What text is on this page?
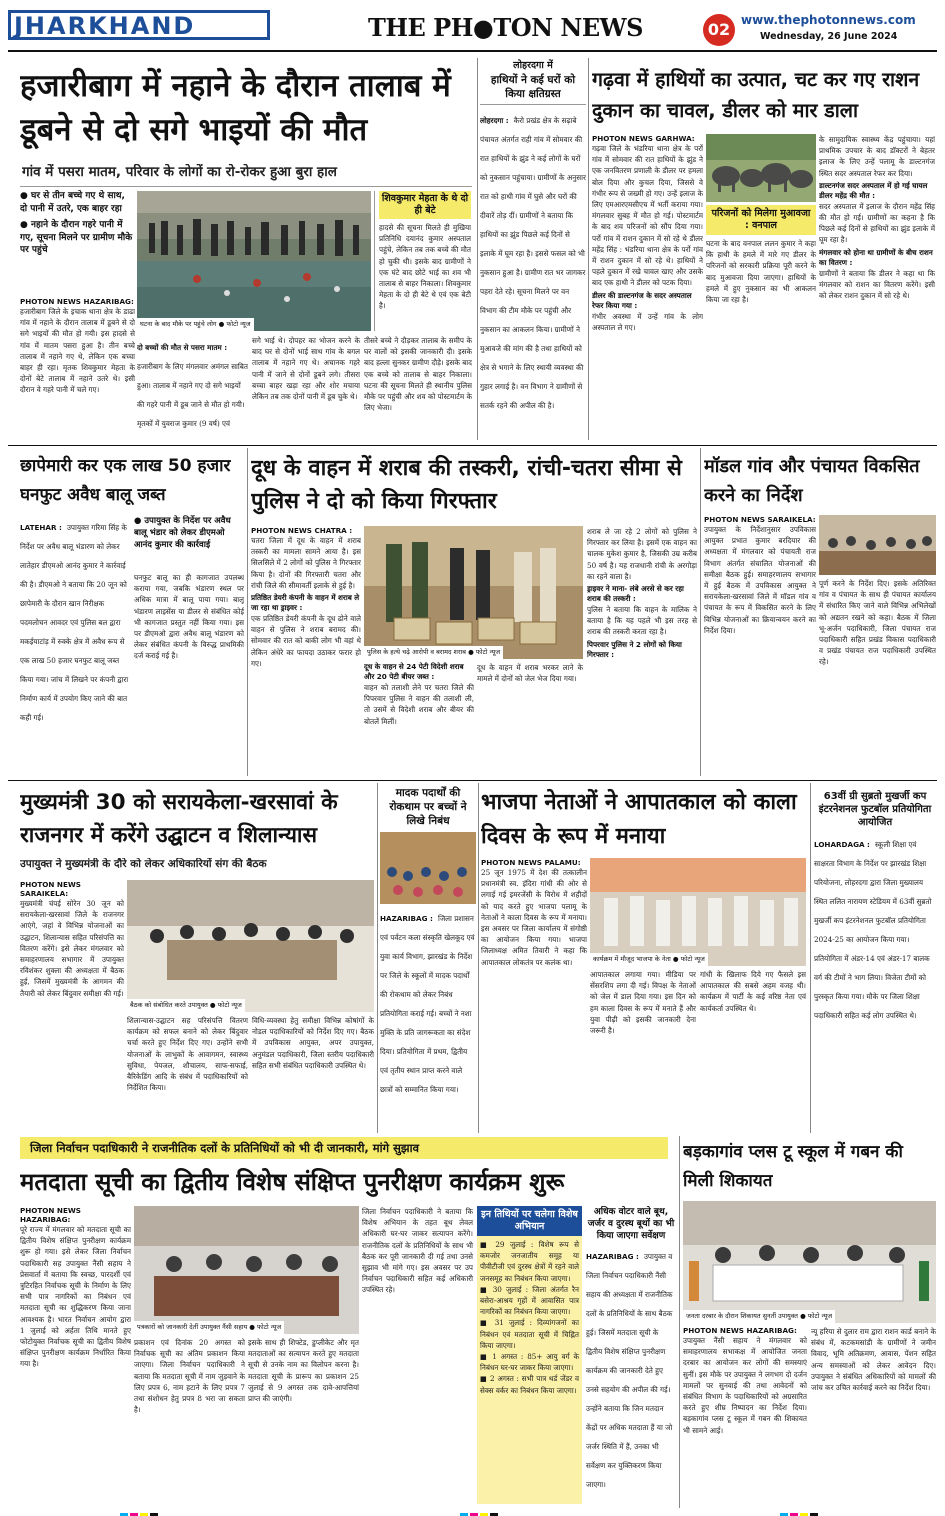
JHARKHAND	THE PH●TON NEWS	02 www.thephotonnews.com
Wednesday, 26 June 2024
हजारीबाग में नहाने के दौरान तालाब में डूबने से दो सगे भाइयों की मौत
गांव में पसरा मातम, परिवार के लोगों का रो-रोकर हुआ बुरा हाल
● घर से तीन बच्चे गए थे साथ, दो पानी में उतरे, एक बाहर रहा
● नहाने के दौरान गहरे पानी में गए, सूचना मिलने पर ग्रामीण मौके पर पहुंचे
घटना के बाद मौके पर पहुंचे लोग ● फोटो न्यूज
शिवकुमार मेहता के थे दो ही बेटे
हादसे की सूचना मिलते ही मुखिया प्रतिनिधि दयानंद कुमार अस्पताल पहुंचे, लेकिन तब तक बच्चे की मौत हो चुकी थी। इसके बाद ग्रामीणों ने एक घंटे बाद छोटे भाई का शव भी तालाब से बाहर निकाला। शिवकुमार मेहता के दो ही बेटे थे एवं एक बेटी है।
PHOTON NEWS HAZARIBAG:
हजारीबाग जिले के इचाक थाना क्षेत्र के डाढा गांव में नहाने के दौरान तालाब में डूबने से दो सगे भाइयों की मौत हो गयी। इस हादसे से गांव में मातम पसरा हुआ है। तीन बच्चे तालाब में नहाने गए थे, लेकिन एक बच्चा बाहर ही रहा। मृतक शिवकुमार मेहता के दोनों बेटे तालाब में नहाने उतरे थे। इसी दौरान वे गहरे पानी में चले गए।
दो बच्चों की मौत से पसरा मातम : हजारीबाग के लिए मंगलवार अमंगल साबित हुआ। तालाब में नहाने गए दो सगे भाइयों की गहरे पानी में डूब जाने से मौत हो गयी। मृतकों में युवराज कुमार (9 वर्ष) एवं
सगे भाई थे। दोपहर का भोजन करने के बाद घर से दोनों भाई साथ गांव के बगल तालाब में नहाने गए थे। अचानक गहरे पानी में जाने से दोनों डूबने लगे। तीसरा बच्चा बाहर खड़ा रहा और शोर मचाया लेकिन तब तक दोनों पानी में डूब चुके थे।
तीसरे बच्चे ने दौड़कर तालाब के समीप के घर वालों को इसकी जानकारी दी। इसके बाद हल्ला सुनकर ग्रामीण दौड़े। इसके बाद एक बच्चे को तालाब से बाहर निकाला। घटना की सूचना मिलते ही स्थानीय पुलिस मौके पर पहुंची और शव को पोस्टमार्टम के लिए भेजा।
लोहरदगा में
हाथियों ने कई घरों को किया क्षतिग्रस्त
लोहरदगा : कैरो प्रखंड क्षेत्र के सढ़ाबे पंचायत अंतर्गत राही गांव में सोमवार की रात हाथियों के झुंड ने कई लोगों के घरों को नुकसान पहुंचाया। ग्रामीणों के अनुसार रात को हाथी गांव में घुसे और घरों की दीवारें तोड़ दीं। ग्रामीणों ने बताया कि हाथियों का झुंड पिछले कई दिनों से इलाके में घूम रहा है। इससे फसल को भी नुकसान हुआ है। ग्रामीण रात भर जागकर पहरा देते रहे। सूचना मिलने पर वन विभाग की टीम मौके पर पहुंची और नुकसान का आकलन किया। ग्रामीणों ने मुआवजे की मांग की है तथा हाथियों को क्षेत्र से भगाने के लिए स्थायी व्यवस्था की गुहार लगाई है। वन विभाग ने ग्रामीणों से सतर्क रहने की अपील की है।
गढ़वा में हाथियों का उत्पात, चट कर गए राशन दुकान का चावल, डीलर को मार डाला
PHOTON NEWS GARHWA:
गढ़वा जिले के भंडरिया थाना क्षेत्र के पर्रो गांव में सोमवार की रात हाथियों के झुंड ने एक जनवितरण प्रणाली के डीलर पर हमला बोल दिया और कुचल दिया, जिससे वे गंभीर रूप से जख्मी हो गए। उन्हें इलाज के लिए एमआरएमसीएच में भर्ती कराया गया। मंगलवार सुबह में मौत हो गई। पोस्टमार्टम के बाद शव परिजनों को सौंप दिया गया। पर्रो गांव में राशन दुकान में सो रहे थे डीलर महेंद्र सिंह : भंडरिया थाना क्षेत्र के पर्रो गांव में राशन दुकान में सो रहे थे। हाथियों ने पहले दुकान में रखे चावल खाए और उसके बाद एक हाथी ने डीलर को पटक दिया।
डीलर की डाल्टनगंज के सदर अस्पताल रेफर किया गया :
गंभीर अवस्था में उन्हें गांव के लोग अस्पताल ले गए।
परिजनों को मिलेगा मुआवजा : वनपाल
घटना के बाद वनपाल ललन कुमार ने कहा कि हाथी के हमले में मारे गए डीलर के परिजनों को सरकारी प्रक्रिया पूरी करने के बाद मुआवजा दिया जाएगा। हाथियों के हमले में हुए नुकसान का भी आकलन किया जा रहा है।
के सामुदायिक स्वास्थ्य केंद्र पहुंचाया। यहां प्राथमिक उपचार के बाद डॉक्टरों ने बेहतर इलाज के लिए उन्हें पलामू के डाल्टनगंज स्थित सदर अस्पताल रेफर कर दिया।
डाल्टनगंज सदर अस्पताल में हो गई घायल डीलर महेंद्र की मौत :
सदर अस्पताल में इलाज के दौरान महेंद्र सिंह की मौत हो गई। ग्रामीणों का कहना है कि पिछले कई दिनों से हाथियों का झुंड इलाके में घूम रहा है।
मंगलवार को होना था ग्रामीणों के बीच राशन का वितरण :
ग्रामीणों ने बताया कि डीलर ने कहा था कि मंगलवार को राशन का वितरण करेंगे। इसी को लेकर राशन दुकान में सो रहे थे।
छापेमारी कर एक लाख 50 हजार घनफुट अवैध बालू जब्त
LATEHAR : उपायुक्त गरिमा सिंह के निर्देश पर अवैध बालू भंडारण को लेकर लातेहार डीएमओ आनंद कुमार ने कार्रवाई की है। डीएमओ ने बताया कि 20 जून को छापेमारी के दौरान खान निरीक्षक पदमलोचन आवदर एवं पुलिस बल द्वारा मकईयाटांड़ में रुक्के क्षेत्र में अवैध रूप से एक लाख 50 हजार घनफुट बालू जब्त किया गया। जांच में लिखने पर कंपनी द्वारा निर्माण कार्य में उपयोग किए जाने की बात कही गई।
● उपायुक्त के निर्देश पर अवैध बालू भंडार को लेकर डीएमओ आनंद कुमार की कार्रवाई
घनफुट बालू का ही कागजात उपलब्ध कराया गया, जबकि भंडारण स्थल पर अधिक मात्रा में बालू पाया गया। बालू भंडारण लाइसेंस या डीलर से संबंधित कोई भी कागजात प्रस्तुत नहीं किया गया। इस पर डीएमओ द्वारा अवैध बालू भंडारण को लेकर संबंधित कंपनी के विरुद्ध प्राथमिकी दर्ज कराई गई है।
दूध के वाहन में शराब की तस्करी, रांची-चतरा सीमा से पुलिस ने दो को किया गिरफ्तार
PHOTON NEWS CHATRA :
चतरा जिला में दूध के वाहन में शराब तस्करी का मामला सामने आया है। इस सिलसिले में 2 लोगों को पुलिस ने गिरफ्तार किया है। दोनों की गिरफ्तारी चतरा और रांची जिले की सीमावर्ती इलाके से हुई है।
प्रतिष्ठित डेयरी कंपनी के वाहन में शराब ले जा रहा था ड्राइवर :
एक प्रतिष्ठित डेयरी कंपनी के दूध ढोने वाले वाहन से पुलिस ने शराब बरामद की। सोमवार की रात को बाकी लोग भी वहां थे लेकिन अंधेरे का फायदा उठाकर फरार हो गए।
पुलिस के हत्थे चढ़े आरोपी व बरामद शराब ● फोटो न्यूज
दूध के वाहन से 24 पेटी विदेशी शराब और 20 पेटी बीयर जब्त :
वाहन को तलाशी लेने पर चतरा जिले की पिपरवार पुलिस ने वाहन की तलाशी ली, तो उसमें से विदेशी शराब और बीयर की बोतलें मिलीं।
दूध के वाहन में शराब भरकर लाने के मामले में दोनों को जेल भेज दिया गया।
शराब ले जा रहे 2 लोगों को पुलिस ने गिरफ्तार कर लिया है। इसमें एक वाहन का चालक मुकेश कुमार है, जिसकी उम्र करीब 50 वर्ष है। यह राजधानी रांची के अरगोड़ा का रहने वाला है।
ड्राइवर ने माना- लंबे अरसे से कर रहा शराब की तस्करी :
पुलिस ने बताया कि वाहन के मालिक ने बताया है कि यह पहले भी इस तरह से शराब की तस्करी करता रहा है।
पिपरवार पुलिस ने 2 लोगों को किया गिरफ्तार :
मॉडल गांव और पंचायत विकसित करने का निर्देश
PHOTON NEWS SARAIKELA:
उपायुक्त के निर्देशानुसार उपविकास आयुक्त प्रभात कुमार बरदियार की अध्यक्षता में मंगलवार को पंचायती राज विभाग अंतर्गत संचालित योजनाओं की समीक्षा बैठक हुई। समाहरणालय सभागार में हुई बैठक में उपविकास आयुक्त ने सरायकेला-खरसावां जिले में मॉडल गांव व पंचायत के रूप में विकसित करने के लिए विभिन्न योजनाओं का क्रियान्वयन करने का निर्देश दिया।
पूर्ण करने के निर्देश दिए। इसके अतिरिक्त गांव व पंचायत के साथ ही पंचायत कार्यालय में संधारित किए जाने वाले विभिन्न अभिलेखों को अद्यतन रखने को कहा। बैठक में जिला भू-अर्जन पदाधिकारी, जिला पंचायत राज पदाधिकारी सहित प्रखंड विकास पदाधिकारी व प्रखंड पंचायत राज पदाधिकारी उपस्थित रहे।
मुख्यमंत्री 30 को सरायकेला-खरसावां के राजनगर में करेंगे उद्घाटन व शिलान्यास
उपायुक्त ने मुख्यमंत्री के दौरे को लेकर अधिकारियों संग की बैठक
PHOTON NEWS SARAIKELA:
मुख्यमंत्री चंपई सोरेन 30 जून को सरायकेला-खरसावां जिले के राजनगर आएंगे, जहां वे विभिन्न योजनाओं का उद्घाटन, शिलान्यास सहित परिसंपत्ति का वितरण करेंगे। इसे लेकर मंगलवार को समाहरणालय सभागार में उपायुक्त रविशंकर शुक्ला की अध्यक्षता में बैठक हुई, जिसमें मुख्यमंत्री के आगमन की तैयारी को लेकर बिंदुवार समीक्षा की गई।
बैठक को संबोधित करते उपायुक्त ● फोटो न्यूज
शिलान्यास-उद्घाटन सह परिसंपत्ति वितरण कार्यक्रम को सफल बनाने को लेकर बिंदुवार चर्चा करते हुए निर्देश दिए गए। उन्होंने सभी योजनाओं के लाभुकों के आवागमन, स्वास्थ्य सुविधा, पेयजल, शौचालय, साफ-सफाई, बैरिकेडिंग आदि के संबंध में पदाधिकारियों को निर्देशित किया।
विधि-व्यवस्था हेतु समीक्षा विभिन्न कोषांगों के नोडल पदाधिकारियों को निर्देश दिए गए। बैठक में उपविकास आयुक्त, अपर उपायुक्त, अनुमंडल पदाधिकारी, जिला स्तरीय पदाधिकारी सहित सभी संबंधित पदाधिकारी उपस्थित थे।
मादक पदार्थों की रोकथाम पर बच्चों ने लिखे निबंध
HAZARIBAG : जिला प्रशासन एवं पर्वटन कला संस्कृति खेलकूद एवं युवा कार्य विभाग, झारखंड के निर्देश पर जिले के स्कूलों में मादक पदार्थों की रोकथाम को लेकर निबंध प्रतियोगिता कराई गई। बच्चों ने नशा मुक्ति के प्रति जागरूकता का संदेश दिया। प्रतियोगिता में प्रथम, द्वितीय एवं तृतीय स्थान प्राप्त करने वाले छात्रों को सम्मानित किया गया।
भाजपा नेताओं ने आपातकाल को काला दिवस के रूप में मनाया
PHOTON NEWS PALAMU:
25 जून 1975 में देश की तत्कालीन प्रधानमंत्री स्व. इंदिरा गांधी की ओर से लगाई गई इमरजेंसी के विरोध में शहीदों को याद करते हुए भाजपा पलामू के नेताओं ने काला दिवस के रूप में मनाया। इस अवसर पर जिला कार्यालय में संगोष्ठी का आयोजन किया गया। भाजपा जिलाध्यक्ष अमित तिवारी ने कहा कि आपातकाल लोकतंत्र पर कलंक था।	कार्यक्रम में मौजूद भाजपा के नेता ● फोटो न्यूज
आपातकाल लगाया गया। मीडिया पर सेंसरशिप लगा दी गई। विपक्ष के नेताओं को जेल में डाल दिया गया। इस दिन को हम काला दिवस के रूप में मनाते हैं और युवा पीढ़ी को इसकी जानकारी देना जरूरी है।
गांधी के खिलाफ दिये गए फैसले इस आपातकाल की सबसे अहम वजह थी। कार्यक्रम में पार्टी के कई वरिष्ठ नेता एवं कार्यकर्ता उपस्थित थे।
63वीं ग्री सुब्रतो मुखर्जी कप इंटरनेशनल फुटबॉल प्रतियोगिता आयोजित
LOHARDAGA : स्कूली शिक्षा एवं साक्षरता विभाग के निर्देश पर झारखंड शिक्षा परियोजना, लोहरदगा द्वारा जिला मुख्यालय स्थित ललित नारायण स्टेडियम में 63वीं सुब्रतो मुखर्जी कप इंटरनेशनल फुटबॉल प्रतियोगिता 2024-25 का आयोजन किया गया। प्रतियोगिता में अंडर-14 एवं अंडर-17 बालक वर्ग की टीमों ने भाग लिया। विजेता टीमों को पुरस्कृत किया गया। मौके पर जिला शिक्षा पदाधिकारी सहित कई लोग उपस्थित थे।
जिला निर्वाचन पदाधिकारी ने राजनीतिक दलों के प्रतिनिधियों को भी दी जानकारी, मांगे सुझाव
मतदाता सूची का द्वितीय विशेष संक्षिप्त पुनरीक्षण कार्यक्रम शुरू
PHOTON NEWS HAZARIBAG:
पूरे राज्य में मंगलवार को मतदाता सूची का द्वितीय विशेष संक्षिप्त पुनरीक्षण कार्यक्रम शुरू हो गया। इसे लेकर जिला निर्वाचन पदाधिकारी सह उपायुक्त नैंसी सहाय ने प्रेसवार्ता में बताया कि स्वच्छ, पारदर्शी एवं त्रुटिरहित निर्वाचक सूची के निर्माण के लिए सभी पात्र नागरिकों का निबंधन एवं मतदाता सूची का शुद्धिकरण किया जाना आवश्यक है। भारत निर्वाचन आयोग द्वारा 1 जुलाई को अर्हता तिथि मानते हुए फोटोयुक्त निर्वाचक सूची का द्वितीय विशेष संक्षिप्त पुनरीक्षण कार्यक्रम निर्धारित किया गया है।
पत्रकारों को जानकारी देतीं उपायुक्त नैंसी सहाय ● फोटो न्यूज
प्रकाशन एवं दिनांक 20 अगस्त को निर्वाचक सूची का अंतिम प्रकाशन किया जाएगा। जिला निर्वाचन पदाधिकारी ने बताया कि मतदाता सूची में नाम जुड़वाने के लिए प्रपत्र 6, नाम हटाने के लिए प्रपत्र 7 तथा संशोधन हेतु प्रपत्र 8 भरा जा सकता है।
इसके साथ ही शिफ्टेड, डुप्लीकेट और मृत मतदाताओं का सत्यापन करते हुए मतदाता सूची से उनके नाम का विलोपन करना है। मतदाता सूची के प्रारूप का प्रकाशन 25 जुलाई से 9 अगस्त तक दावे-आपत्तियां प्राप्त की जाएंगी।
जिला निर्वाचन पदाधिकारी ने बताया कि विशेष अभियान के तहत बूथ लेवल अधिकारी घर-घर जाकर सत्यापन करेंगे। राजनीतिक दलों के प्रतिनिधियों के साथ भी बैठक कर पूरी जानकारी दी गई तथा उनसे सुझाव भी मांगे गए। इस अवसर पर उप निर्वाचन पदाधिकारी सहित कई अधिकारी उपस्थित रहे।
इन तिथियों पर चलेगा विशेष अभियान
■ 29 जुलाई : विशेष रूप से कमजोर जनजातीय समूह या पीवीटीजी एवं दुरस्थ क्षेत्रों में रहने वाले जनसमूह का निबंधन किया जाएगा।
■ 30 जुलाई : जिला अंतर्गत रैन बसेरा-आश्रय गृहों में आवासित पात्र नागरिकों का निबंधन किया जाएगा।
■ 31 जुलाई : दिव्यांगजनों का निबंधन एवं मतदाता सूची में चिह्नित किया जाएगा।
■ 1 अगस्त : 85+ आयु वर्ग के निबंधन घर-घर जाकर किया जाएगा।
■ 2 अगस्त : सभी पात्र थर्ड जेंडर व सेक्स वर्कर का निबंधन किया जाएगा।
अधिक वोटर वाले बूथ, जर्जर व दुरस्थ बूथों का भी किया जाएगा सर्वेक्षण
HAZARIBAG : उपायुक्त व जिला निर्वाचन पदाधिकारी नैंसी सहाय की अध्यक्षता में राजनीतिक दलों के प्रतिनिधियों के साथ बैठक हुई। जिसमें मतदाता सूची के द्वितीय विशेष संक्षिप्त पुनरीक्षण कार्यक्रम की जानकारी देते हुए उनसे सहयोग की अपील की गई। उन्होंने बताया कि जिन मतदान केंद्रों पर अधिक मतदाता हैं या जो जर्जर स्थिति में हैं, उनका भी सर्वेक्षण कर युक्तिकरण किया जाएगा।
बड़कागांव प्लस टू स्कूल में गबन की मिली शिकायत
जनता दरबार के दौरान शिकायत सुनतीं उपायुक्त ● फोटो न्यूज
PHOTON NEWS HAZARIBAG:
उपायुक्त नैंसी सहाय ने मंगलवार को समाहरणालय सभाकक्ष में आयोजित जनता दरबार का आयोजन कर लोगों की समस्याएं सुनीं। इस मौके पर उपायुक्त ने लगभग दो दर्जन मामलों पर सुनवाई की तथा आवेदनों को संबंधित विभाग के पदाधिकारियों को अग्रसारित करते हुए शीघ्र निष्पादन का निर्देश दिया। बड़कागांव प्लस टू स्कूल में गबन की शिकायत भी सामने आई।
न्यू हरिया से दुलार राम द्वारा राशन कार्ड बनाने के संबंध में, कटकमसांडी के ग्रामीणों ने जमीन विवाद, भूमि अतिक्रमण, आवास, पेंशन सहित अन्य समस्याओं को लेकर आवेदन दिए। उपायुक्त ने संबंधित अधिकारियों को मामलों की जांच कर उचित कार्रवाई करने का निर्देश दिया।
